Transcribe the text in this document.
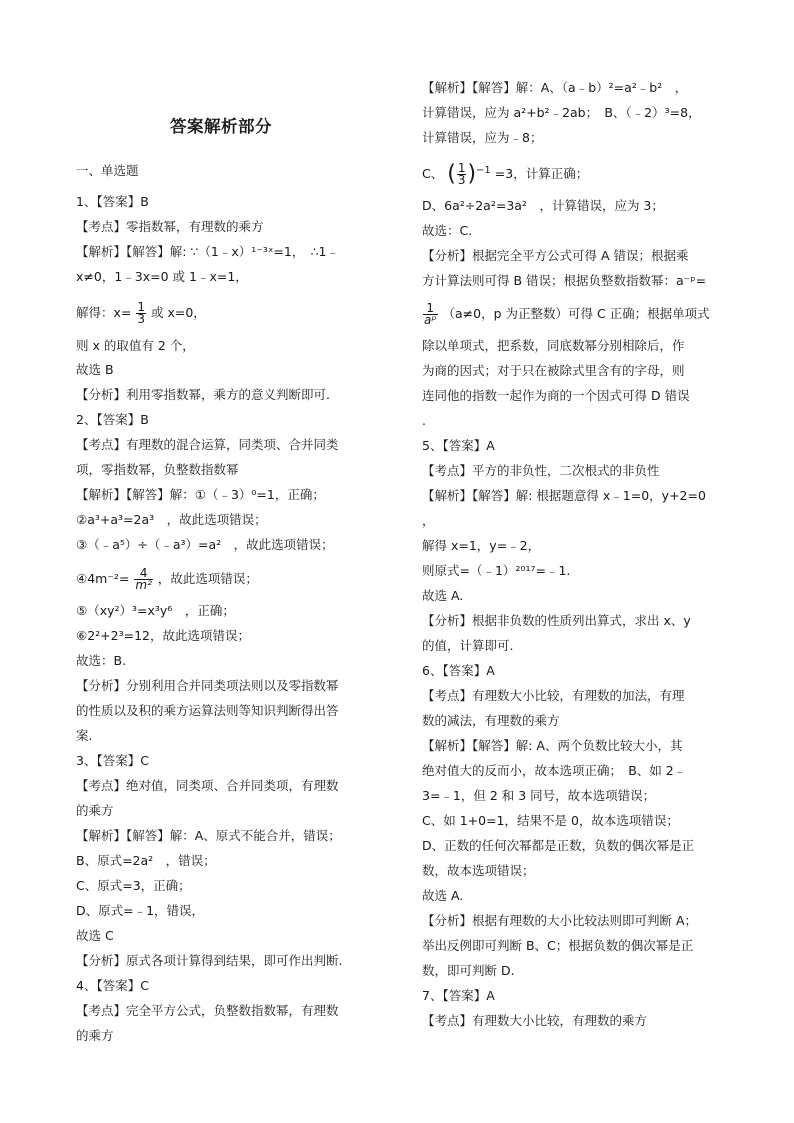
答案解析部分
一、单选题
1、【答案】B
【考点】零指数幂，有理数的乘方
【解析】【解答】解: ∵（1﹣x）¹⁻³ˣ=1，　∴1﹣
x≠0，1﹣3x=0 或 1﹣x=1，
解得：$x= \frac{1}{3}$ 或 x=0，
则 x 的取值有 2 个，
故选 B
【分析】利用零指数幂，乘方的意义判断即可.
2、【答案】B
【考点】有理数的混合运算，同类项、合并同类
项，零指数幂，负整数指数幂
【解析】【解答】解：①（﹣3）⁰=1，正确；
②a³+a³=2a³　，故此选项错误；
③（﹣a⁵）÷（﹣a³）=a²　，故此选项错误；
④4m⁻²= $\frac{4}{\text{m²}}$ ，故此选项错误；
⑤（xy²）³=x³y⁶　，正确；
⑥2²+2³=12，故此选项错误；
故选：B.
【分析】分别利用合并同类项法则以及零指数幂
的性质以及积的乘方运算法则等知识判断得出答
案.
3、【答案】C
【考点】绝对值，同类项、合并同类项，有理数
的乘方
【解析】【解答】解：A、原式不能合并，错误；
B、原式=2a²　，错误；
C、原式=3，正确；
D、原式=﹣1，错误，
故选 C
【分析】原式各项计算得到结果，即可作出判断.
4、【答案】C
【考点】完全平方公式，负整数指数幂，有理数
的乘方
【解析】【解答】解：A、（a﹣b）²=a²﹣b²　，
计算错误，应为 a²+b²﹣2ab；　B、（﹣2）³=8，
计算错误，应为﹣8；
C、 ( $\frac{1}{3} )^{-1} =3$，计算正确；
D、6a²÷2a²=3a²　，计算错误，应为 3；
故选：C.
【分析】根据完全平方公式可得 A 错误；根据乘
方计算法则可得 B 错误；根据负整数指数幂：a⁻ᵖ=
$\frac{1}{\text{aᵖ}} (a\ne 0$，p 为正整数）可得 C 正确；根据单项式
除以单项式，把系数，同底数幂分别相除后，作
为商的因式；对于只在被除式里含有的字母，则
连同他的指数一起作为商的一个因式可得 D 错误
.
5、【答案】A
【考点】平方的非负性，二次根式的非负性
【解析】【解答】解: 根据题意得 x﹣1=0，y+2=0
，
解得 x=1，y=﹣2，
则原式=（﹣1）²⁰¹⁷=﹣1.
故选 A.
【分析】根据非负数的性质列出算式，求出 x、y
的值，计算即可.
6、【答案】A
【考点】有理数大小比较，有理数的加法，有理
数的减法，有理数的乘方
【解析】【解答】解: A、两个负数比较大小，其
绝对值大的反而小，故本选项正确；　B、如 2﹣
3=﹣1，但 2 和 3 同号，故本选项错误；
C、如 1+0=1，结果不是 0，故本选项错误；
D、正数的任何次幂都是正数，负数的偶次幂是正
数，故本选项错误；
故选 A.
【分析】根据有理数的大小比较法则即可判断 A；
举出反例即可判断 B、C；根据负数的偶次幂是正
数，即可判断 D.
7、【答案】A
【考点】有理数大小比较，有理数的乘方
